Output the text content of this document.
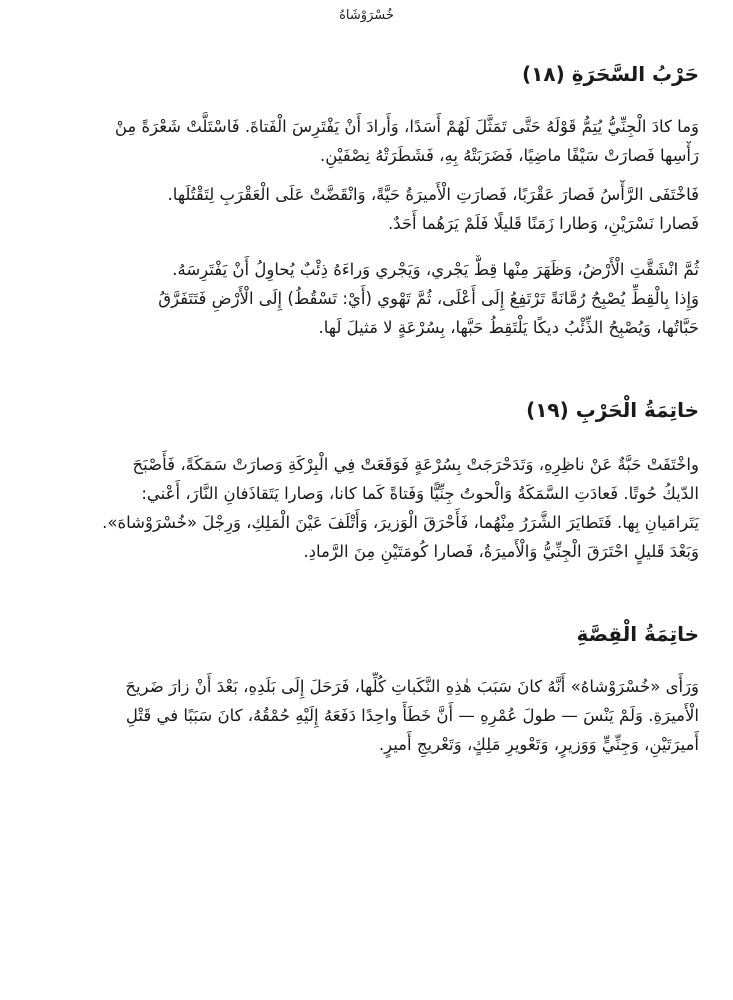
خُسْرَوْشَاهُ
(١٨) حَرْبُ السَّحَرَةِ

وَما كادَ الْجِنِّيُّ يُتِمُّ قَوْلَهُ حَتَّى تَمَثَّلَ لَهُمْ أَسَدًا، وَأَرادَ أَنْ يَفْتَرِسَ الْفَتاةَ. فَاسْتَلَّتْ شَعْرَةً مِنْ
رَأْسِها فَصارَتْ سَيْفًا ماضِيًا، فَضَرَبَتْهُ بِهِ، فَشَطَرَتْهُ نِصْفَيْنِ.

فَاخْتَفَى الرَّأْسُ فَصارَ عَقْرَبًا، فَصارَتِ الْأَميرَةُ حَيَّةً، وَانْقَضَّتْ عَلَى الْعَقْرَبِ لِتَقْتُلَها.
فَصارا نَسْرَيْنِ، وَطارا زَمَنًا قَليلًا فَلَمْ يَرَهُما أَحَدٌ.

ثُمَّ انْشَقَّتِ الْأَرْضُ، وَظَهَرَ مِنْها قِطٌّ يَجْري، وَيَجْري وَراءَهُ ذِئْبٌ يُحاوِلُ أَنْ يَفْتَرِسَهُ.
وَإِذا بِالْقِطِّ يُصْبِحُ رُمَّانَةً تَرْتَفِعُ إِلَى أَعْلَى، ثُمَّ تَهْوي (أَيْ: تَسْقُطُ) إِلَى الْأَرْضِ فَتَتَفَرَّقُ
حَبَّاتُها، وَيُصْبِحُ الذِّئْبُ ديكًا يَلْتَقِطُ حَبَّها، بِسُرْعَةٍ لا مَثيلَ لَها.

(١٩) خاتِمَةُ الْحَرْبِ

واخْتَفَتْ حَبَّةٌ عَنْ ناظِرِهِ، وَتَدَحْرَجَتْ بِسُرْعَةٍ فَوَقَعَتْ فِي الْبِرْكَةِ وَصارَتْ سَمَكَةً، فَأَصْبَحَ
الدّيكُ حُوتًا. فَعادَتِ السَّمَكَةُ وَالْحوتُ جِنِّيًّا وَفَتاةً كَما كانا، وَصارا يَتَقاذَفانِ النَّارَ، أَعْني:
يَتَرامَيانِ بِها. فَتَطايَرَ الشَّرَرُ مِنْهُما، فَأَحْرَقَ الْوَزيرَ، وَأَتْلَفَ عَيْنَ الْمَلِكِ، وَرِجْلَ «خُسْرَوْشاهَ».
وَبَعْدَ قَليلٍ احْتَرَقَ الْجِنِّيُّ وَالْأَميرَةُ، فَصارا كُومَتَيْنِ مِنَ الرَّمادِ.

خاتِمَةُ الْقِصَّةِ

وَرَأَى «خُسْرَوْشاهُ» أَنَّهُ كانَ سَبَبَ هٰذِهِ النَّكَباتِ كُلِّها، فَرَحَلَ إِلَى بَلَدِهِ، بَعْدَ أَنْ زارَ ضَريحَ
الْأَميرَةِ. وَلَمْ يَنْسَ — طولَ عُمْرِهِ — أَنَّ خَطَأً واحِدًا دَفَعَهُ إِلَيْهِ حُمْقُهُ، كانَ سَبَبًا في قَتْلِ
أَميرَتَيْنِ، وَجِنِّيٍّ وَوَزيرٍ، وَتَعْويرِ مَلِكٍ، وَتَعْريجِ أَميرٍ.
